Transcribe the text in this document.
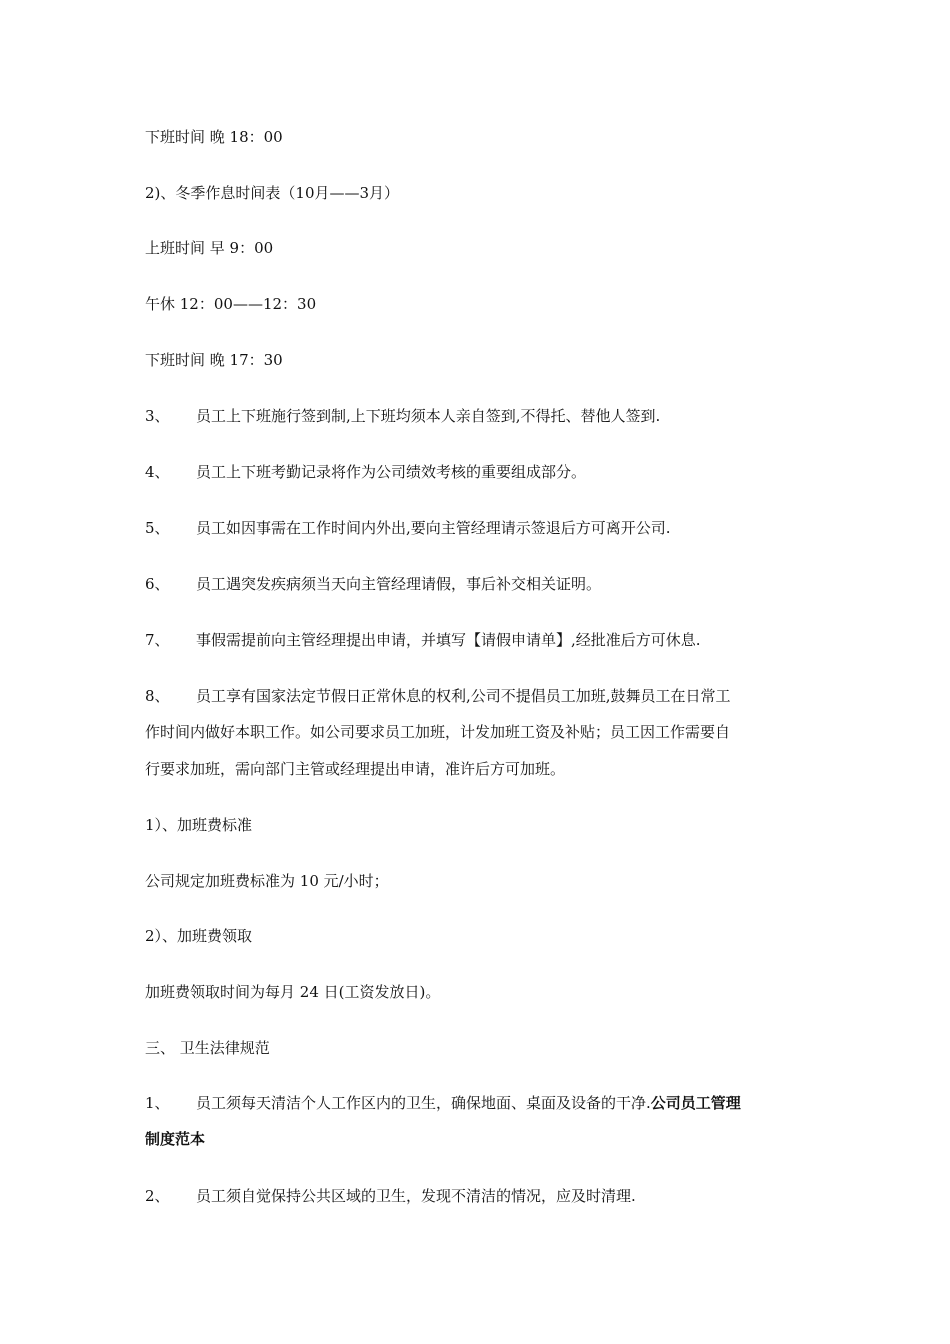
下班时间 晚 18：00
2)、冬季作息时间表（10月——3月）
上班时间 早 9：00
午休 12：00——12：30
下班时间 晚 17：30
3、 员工上下班施行签到制,上下班均须本人亲自签到,不得托、替他人签到.
4、 员工上下班考勤记录将作为公司绩效考核的重要组成部分。
5、 员工如因事需在工作时间内外出,要向主管经理请示签退后方可离开公司.
6、 员工遇突发疾病须当天向主管经理请假，事后补交相关证明。
7、 事假需提前向主管经理提出申请，并填写【请假申请单】,经批准后方可休息.
8、 员工享有国家法定节假日正常休息的权利,公司不提倡员工加班,鼓舞员工在日常工
作时间内做好本职工作。如公司要求员工加班，计发加班工资及补贴；员工因工作需要自
行要求加班，需向部门主管或经理提出申请，准许后方可加班。
1）、加班费标准
公司规定加班费标准为 10 元/小时；
2）、加班费领取
加班费领取时间为每月 24 日(工资发放日)。
三、 卫生法律规范
1、 员工须每天清洁个人工作区内的卫生，确保地面、桌面及设备的干净.公司员工管理
制度范本
2、 员工须自觉保持公共区域的卫生，发现不清洁的情况，应及时清理.
